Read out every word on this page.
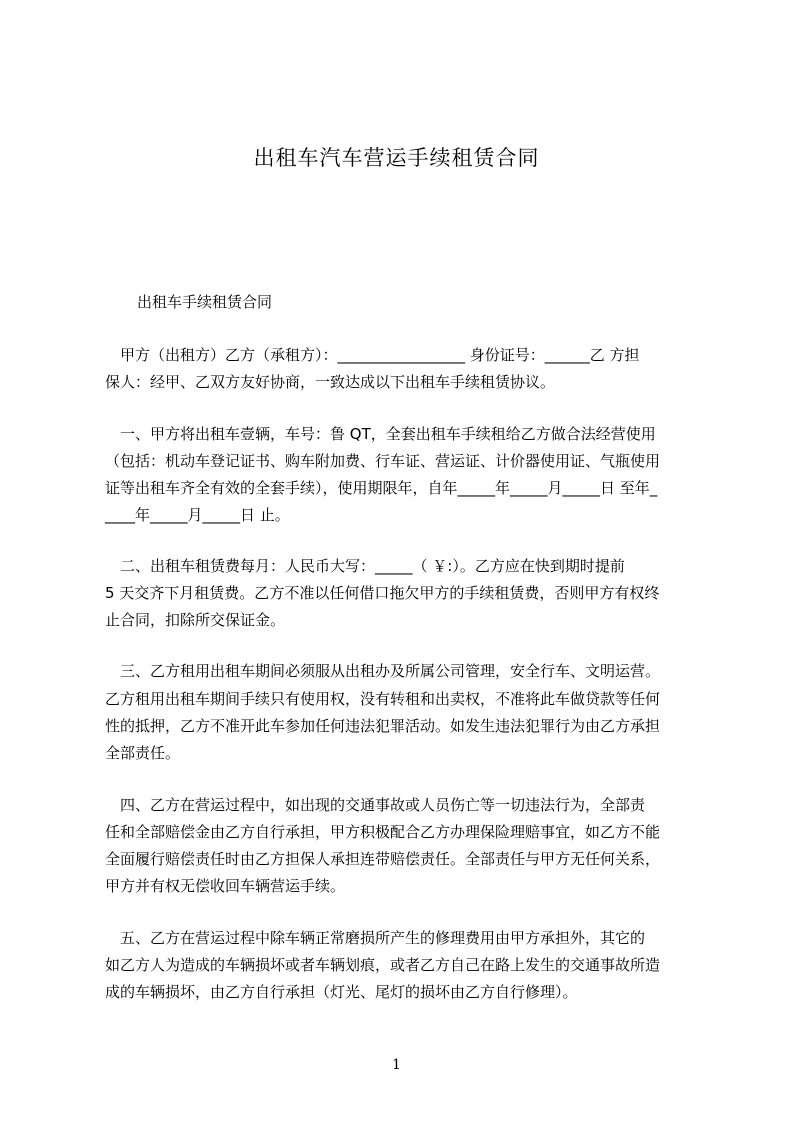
出租车汽车营运手续租赁合同
出租车手续租赁合同
　甲方（出租方）乙方（承租方）：_________________ 身份证号：______乙 方担
保人：经甲、乙双方友好协商，一致达成以下出租车手续租赁协议。
　一、甲方将出租车壹辆，车号：鲁 QT，全套出租车手续租给乙方做合法经营使用
（包括：机动车登记证书、购车附加费、行车证、营运证、计价器使用证、气瓶使用
证等出租车齐全有效的全套手续），使用期限年，自年_____年_____月_____日 至年_
____年_____月_____日 止。
　二、出租车租赁费每月：人民币大写：_____（ ￥:）。乙方应在快到期时提前
5 天交齐下月租赁费。乙方不准以任何借口拖欠甲方的手续租赁费，否则甲方有权终
止合同，扣除所交保证金。
　三、乙方租用出租车期间必须服从出租办及所属公司管理，安全行车、文明运营。
乙方租用出租车期间手续只有使用权，没有转租和出卖权，不准将此车做贷款等任何
性的抵押，乙方不准开此车参加任何违法犯罪活动。如发生违法犯罪行为由乙方承担
全部责任。
　四、乙方在营运过程中，如出现的交通事故或人员伤亡等一切违法行为，全部责
任和全部赔偿金由乙方自行承担，甲方积极配合乙方办理保险理赔事宜，如乙方不能
全面履行赔偿责任时由乙方担保人承担连带赔偿责任。全部责任与甲方无任何关系，
甲方并有权无偿收回车辆营运手续。
　五、乙方在营运过程中除车辆正常磨损所产生的修理费用由甲方承担外，其它的
如乙方人为造成的车辆损坏或者车辆划痕，或者乙方自己在路上发生的交通事故所造
成的车辆损坏，由乙方自行承担（灯光、尾灯的损坏由乙方自行修理）。
1
